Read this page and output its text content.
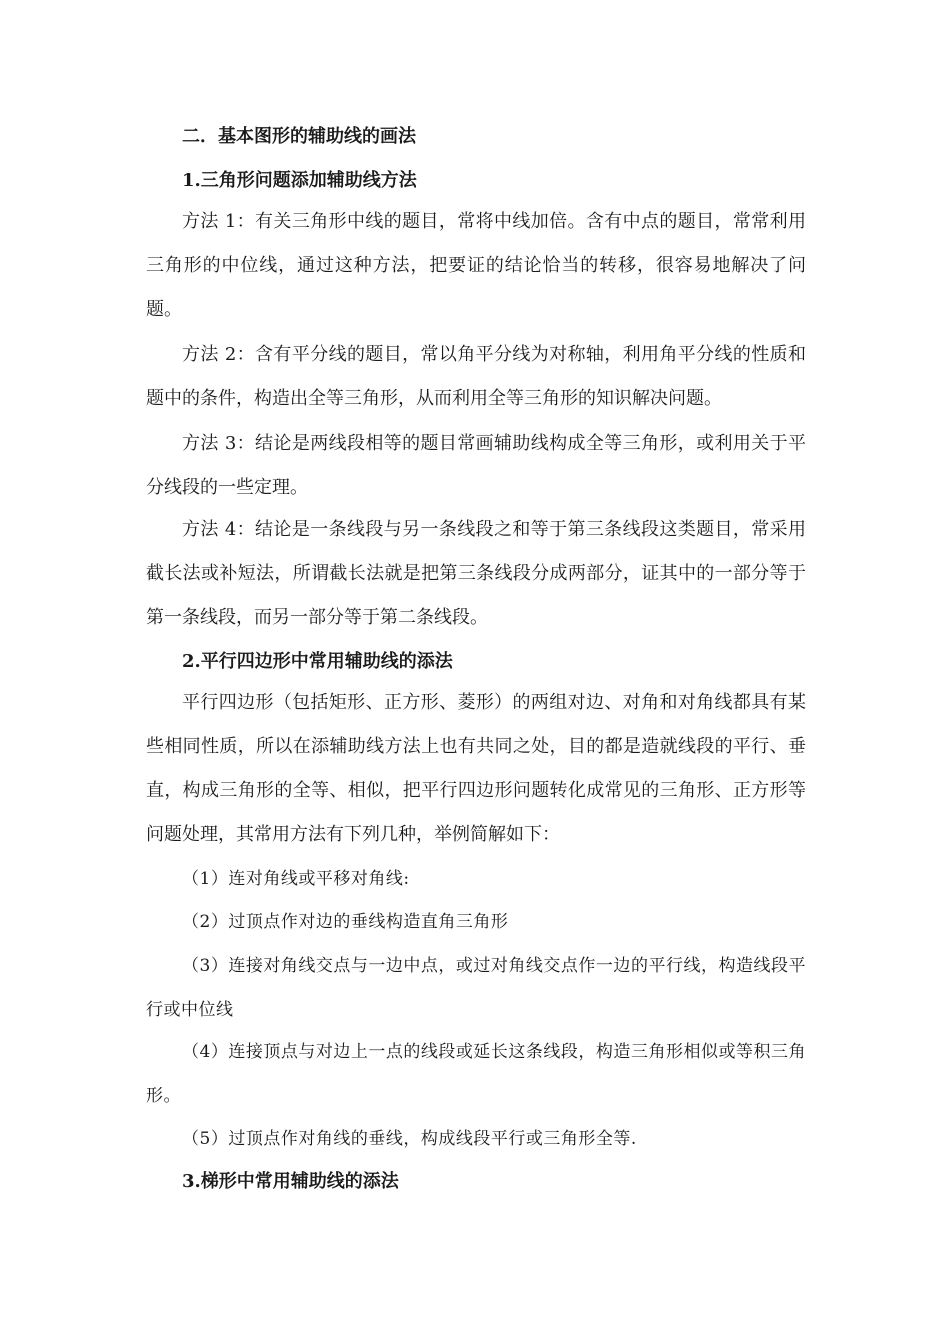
二．基本图形的辅助线的画法

1.三角形问题添加辅助线方法

方法 1：有关三角形中线的题目，常将中线加倍。含有中点的题目，常常利用三角形的中位线，通过这种方法，把要证的结论恰当的转移，很容易地解决了问题。

方法 2：含有平分线的题目，常以角平分线为对称轴，利用角平分线的性质和题中的条件，构造出全等三角形，从而利用全等三角形的知识解决问题。

方法 3：结论是两线段相等的题目常画辅助线构成全等三角形，或利用关于平分线段的一些定理。

方法 4：结论是一条线段与另一条线段之和等于第三条线段这类题目，常采用截长法或补短法，所谓截长法就是把第三条线段分成两部分，证其中的一部分等于第一条线段，而另一部分等于第二条线段。

2.平行四边形中常用辅助线的添法

平行四边形（包括矩形、正方形、菱形）的两组对边、对角和对角线都具有某些相同性质，所以在添辅助线方法上也有共同之处，目的都是造就线段的平行、垂直，构成三角形的全等、相似，把平行四边形问题转化成常见的三角形、正方形等问题处理，其常用方法有下列几种，举例简解如下：

（1）连对角线或平移对角线:

（2）过顶点作对边的垂线构造直角三角形

（3）连接对角线交点与一边中点，或过对角线交点作一边的平行线，构造线段平行或中位线

（4）连接顶点与对边上一点的线段或延长这条线段，构造三角形相似或等积三角形。

（5）过顶点作对角线的垂线，构成线段平行或三角形全等.

3.梯形中常用辅助线的添法
